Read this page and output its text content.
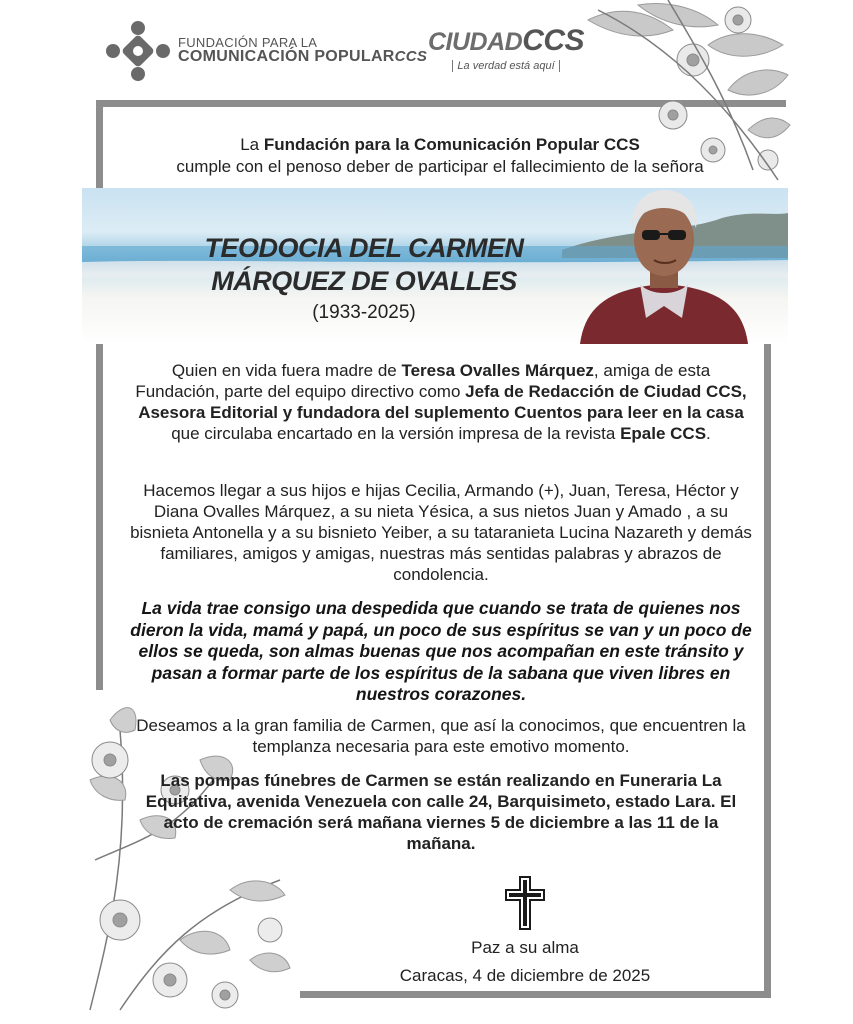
FUNDACIÓN PARA LA
COMUNICACIÓN POPULARCCS
CIUDADCCS
La verdad está aquí
La Fundación para la Comunicación Popular CCS
cumple con el penoso deber de participar el fallecimiento de la señora
TEODOCIA DEL CARMEN
MÁRQUEZ DE OVALLES
(1933-2025)
Quien en vida fuera madre de Teresa Ovalles Márquez, amiga de esta Fundación, parte del equipo directivo como Jefa de Redacción de Ciudad CCS, Asesora Editorial y fundadora del suplemento Cuentos para leer en la casa que circulaba encartado en la versión impresa de la revista Epale CCS.
Hacemos llegar a sus hijos e hijas Cecilia, Armando (+), Juan, Teresa, Héctor y Diana Ovalles Márquez, a su nieta Yésica, a sus nietos Juan y Amado , a su bisnieta Antonella y a su bisnieto Yeiber, a su tataranieta Lucina Nazareth y demás familiares, amigos y amigas, nuestras más sentidas palabras y abrazos de condolencia.
La vida trae consigo una despedida que cuando se trata de quienes nos dieron la vida, mamá y papá, un poco de sus espíritus se van y un poco de ellos se queda, son almas buenas que nos acompañan en este tránsito y pasan a formar parte de los espíritus de la sabana que viven libres en nuestros corazones.
Deseamos a la gran familia de Carmen, que así la conocimos, que encuentren la templanza necesaria para este emotivo momento.
Las pompas fúnebres de Carmen se están realizando en Funeraria La Equitativa, avenida Venezuela con calle 24, Barquisimeto, estado Lara. El acto de cremación será mañana viernes 5 de diciembre a las 11 de la mañana.
Paz a su alma
Caracas, 4 de diciembre de 2025
